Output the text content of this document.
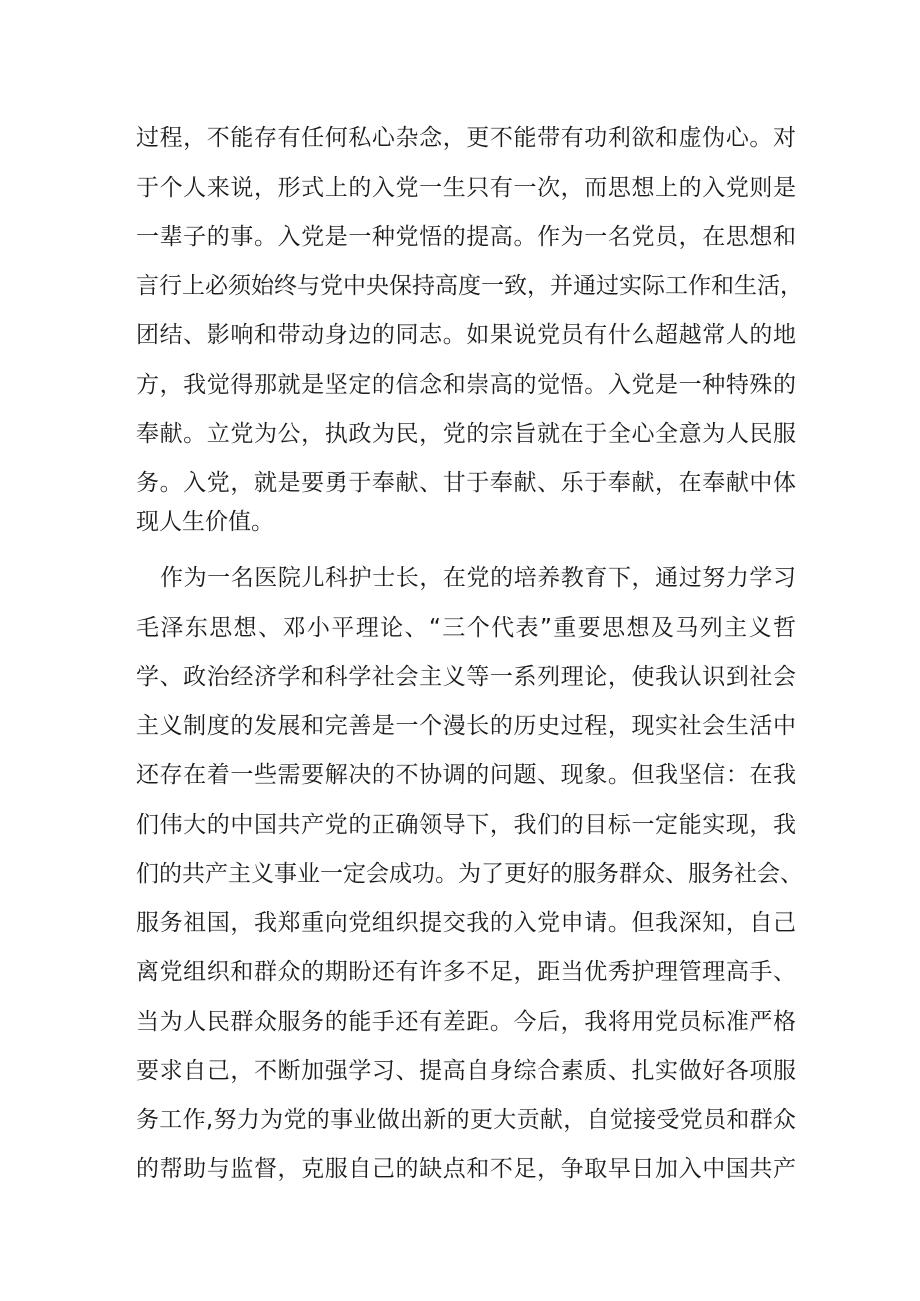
过程，不能存有任何私心杂念，更不能带有功利欲和虚伪心。对
于个人来说，形式上的入党一生只有一次，而思想上的入党则是
一辈子的事。入党是一种党悟的提高。作为一名党员，在思想和
言行上必须始终与党中央保持高度一致，并通过实际工作和生活，
团结、影响和带动身边的同志。如果说党员有什么超越常人的地
方，我觉得那就是坚定的信念和崇高的觉悟。入党是一种特殊的
奉献。立党为公，执政为民，党的宗旨就在于全心全意为人民服
务。入党，就是要勇于奉献、甘于奉献、乐于奉献，在奉献中体
现人生价值。
作为一名医院儿科护士长，在党的培养教育下，通过努力学习
毛泽东思想、邓小平理论、“三个代表”重要思想及马列主义哲
学、政治经济学和科学社会主义等一系列理论，使我认识到社会
主义制度的发展和完善是一个漫长的历史过程，现实社会生活中
还存在着一些需要解决的不协调的问题、现象。但我坚信：在我
们伟大的中国共产党的正确领导下，我们的目标一定能实现，我
们的共产主义事业一定会成功。为了更好的服务群众、服务社会、
服务祖国，我郑重向党组织提交我的入党申请。但我深知，自己
离党组织和群众的期盼还有许多不足，距当优秀护理管理高手、
当为人民群众服务的能手还有差距。今后，我将用党员标准严格
要求自己，不断加强学习、提高自身综合素质、扎实做好各项服
务工作,努力为党的事业做出新的更大贡献，自觉接受党员和群众
的帮助与监督，克服自己的缺点和不足，争取早日加入中国共产
